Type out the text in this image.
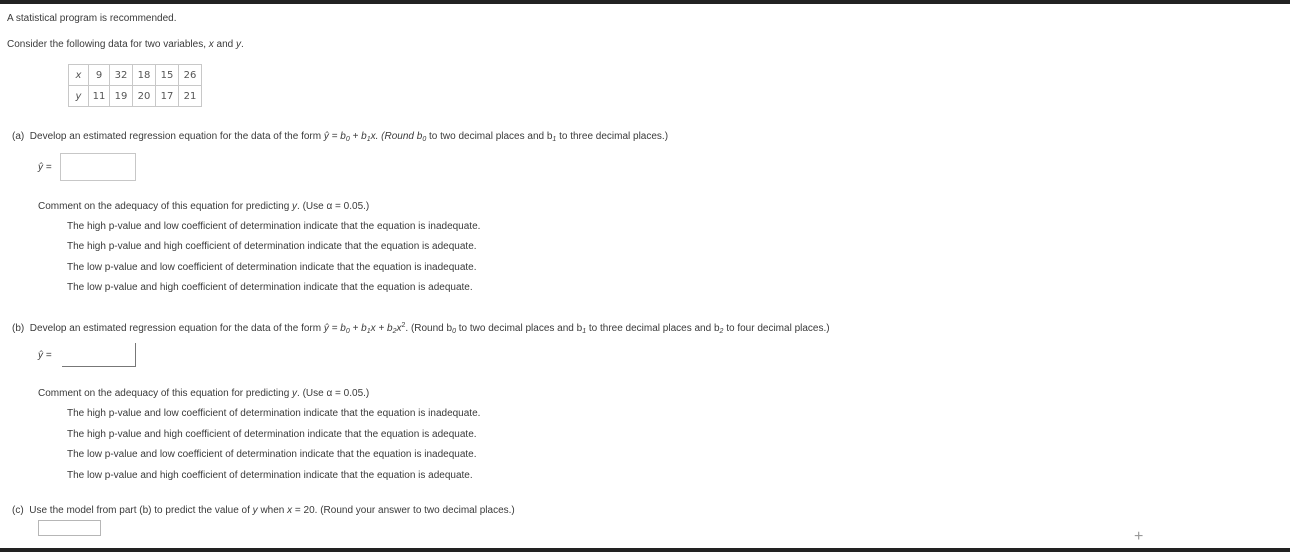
A statistical program is recommended.
Consider the following data for two variables, x and y.
x	9	32	18	15	26
y	11	19	20	17	21
(a) Develop an estimated regression equation for the data of the form ŷ = $b_0 + b_1x$. (Round $b_0$ to two decimal places and $b_1$ to three decimal places.)
ŷ =
Comment on the adequacy of this equation for predicting y. (Use α = 0.05.)
The high p-value and low coefficient of determination indicate that the equation is inadequate.
The high p-value and high coefficient of determination indicate that the equation is adequate.
The low p-value and low coefficient of determination indicate that the equation is inadequate.
The low p-value and high coefficient of determination indicate that the equation is adequate.
(b) Develop an estimated regression equation for the data of the form ŷ = $b_0 + b_1x + b_2x^2$. (Round $b_0$ to two decimal places and $b_1$ to three decimal places and $b_2$ to four decimal places.)
ŷ =
Comment on the adequacy of this equation for predicting y. (Use α = 0.05.)
The high p-value and low coefficient of determination indicate that the equation is inadequate.
The high p-value and high coefficient of determination indicate that the equation is adequate.
The low p-value and low coefficient of determination indicate that the equation is inadequate.
The low p-value and high coefficient of determination indicate that the equation is adequate.
(c) Use the model from part (b) to predict the value of y when x = 20. (Round your answer to two decimal places.)
+
